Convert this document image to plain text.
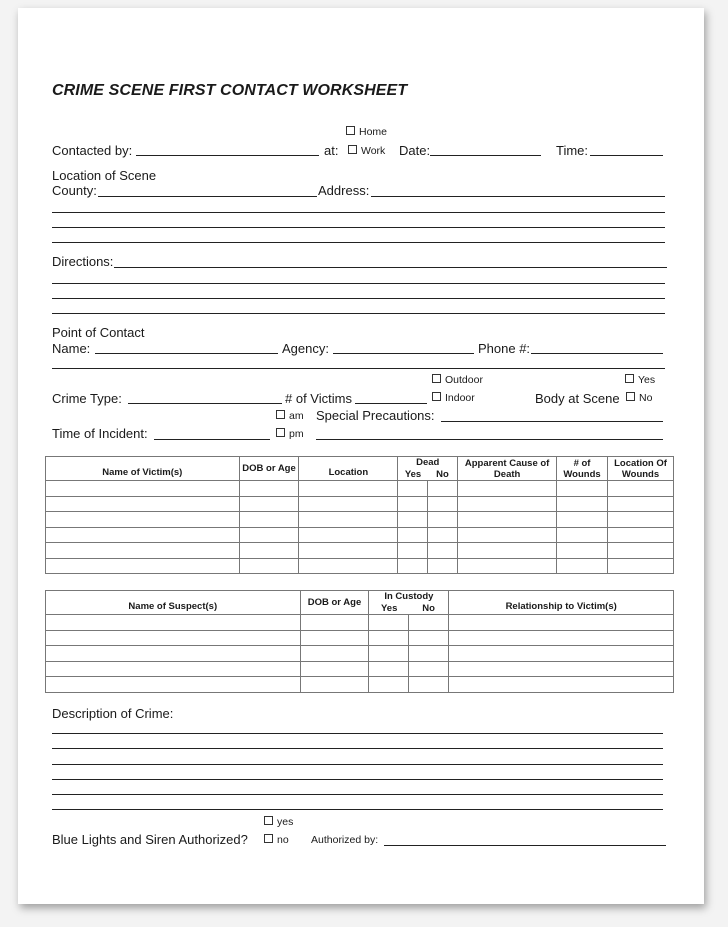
CRIME SCENE FIRST CONTACT WORKSHEET
Home
Contacted by:	at:	Work Date:	Time:
Location of Scene
County:	Address:
Directions:
Point of Contact
Name:	Agency:	Phone #:
Outdoor	Yes
Crime Type:	# of Victims	Indoor	Body at Scene	No
am Special Precautions:
Time of Incident:	pm
Name of Victim(s)	DOB or Age	Location	Dead		Apparent Cause of Death	# of Wounds	Location Of Wounds
			Yes	No			

Name of Suspect(s)	DOB or Age	In Custody		Relationship to Victim(s)
		Yes	No	

Description of Crime:
yes
Blue Lights and Siren Authorized?	no Authorized by:
